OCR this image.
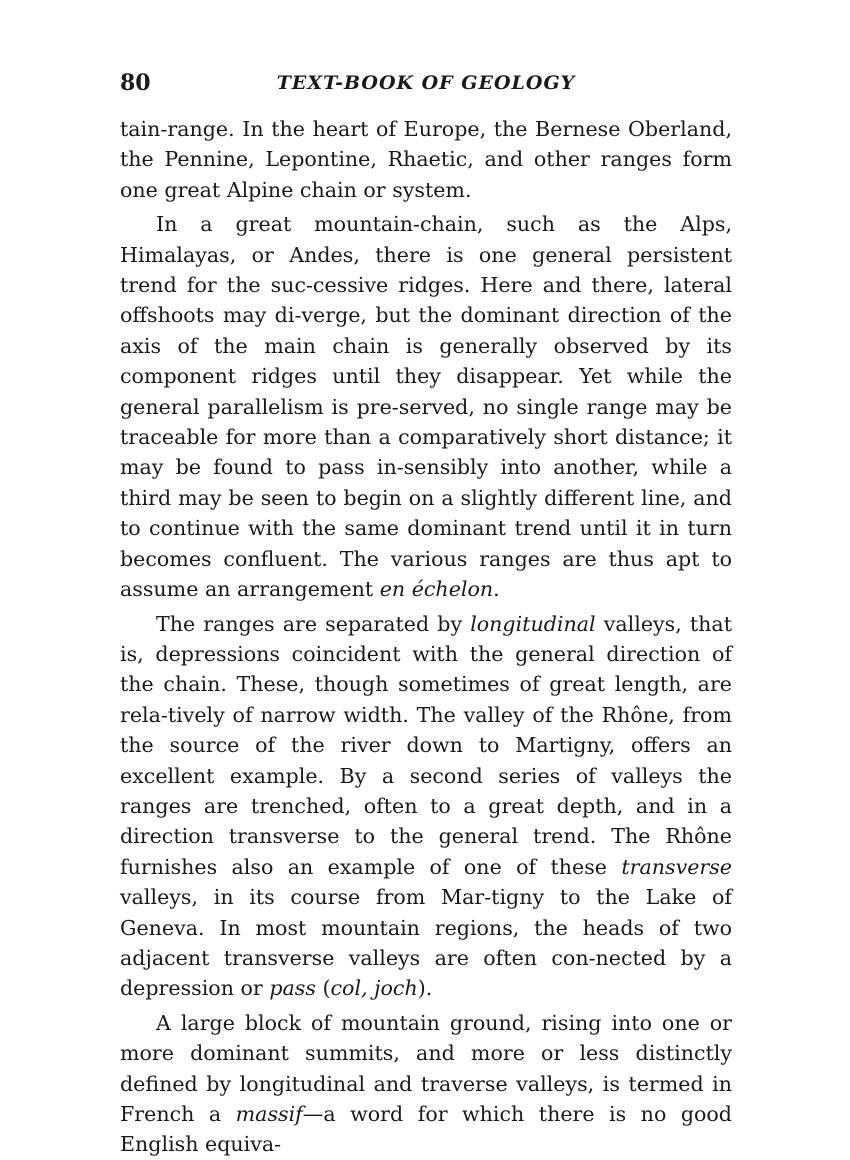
80	TEXT-BOOK OF GEOLOGY

tain-range. In the heart of Europe, the Bernese Oberland, the Pennine, Lepontine, Rhaetic, and other ranges form one great Alpine chain or system.

In a great mountain-chain, such as the Alps, Himalayas, or Andes, there is one general persistent trend for the suc-cessive ridges. Here and there, lateral offshoots may di-verge, but the dominant direction of the axis of the main chain is generally observed by its component ridges until they disappear. Yet while the general parallelism is pre-served, no single range may be traceable for more than a comparatively short distance; it may be found to pass in-sensibly into another, while a third may be seen to begin on a slightly different line, and to continue with the same dominant trend until it in turn becomes confluent. The various ranges are thus apt to assume an arrangement en échelon.

The ranges are separated by longitudinal valleys, that is, depressions coincident with the general direction of the chain. These, though sometimes of great length, are rela-tively of narrow width. The valley of the Rhône, from the source of the river down to Martigny, offers an excellent example. By a second series of valleys the ranges are trenched, often to a great depth, and in a direction transverse to the general trend. The Rhône furnishes also an example of one of these transverse valleys, in its course from Mar-tigny to the Lake of Geneva. In most mountain regions, the heads of two adjacent transverse valleys are often con-nected by a depression or pass (col, joch).

A large block of mountain ground, rising into one or more dominant summits, and more or less distinctly defined by longitudinal and traverse valleys, is termed in French a massif—a word for which there is no good English equiva-
